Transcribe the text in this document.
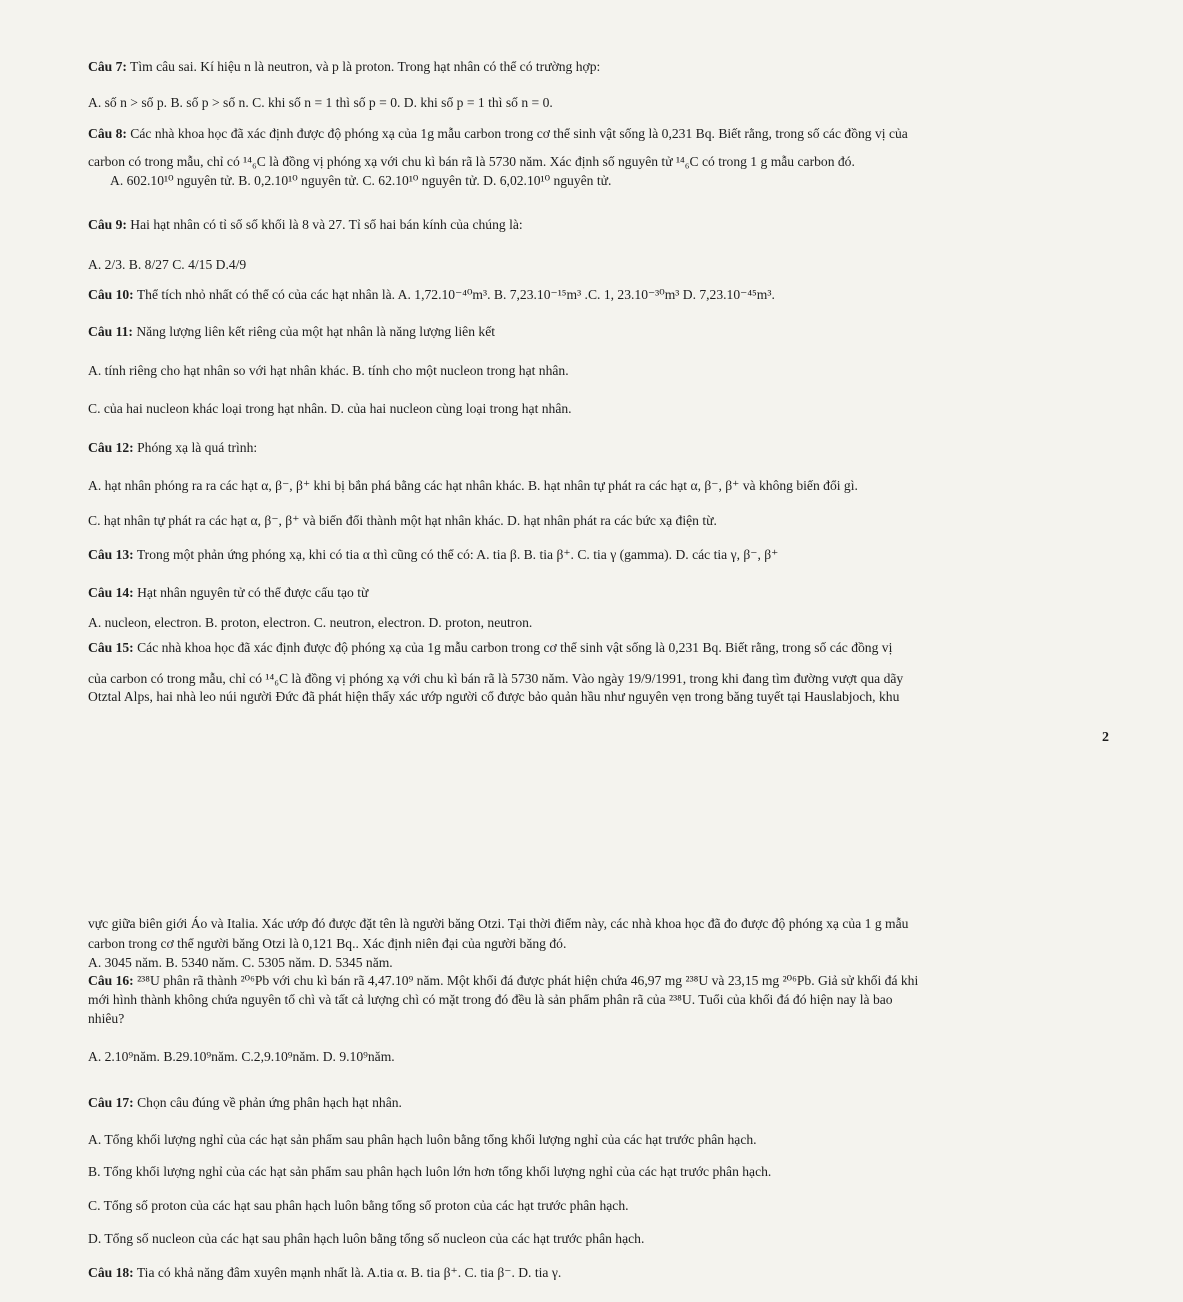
Câu 7: Tìm câu sai. Kí hiệu n là neutron, và p là proton. Trong hạt nhân có thể có trường hợp:
A. số n > số p. B. số p > số n. C. khi số n = 1 thì số p = 0. D. khi số p = 1 thì số n = 0.
Câu 8: Các nhà khoa học đã xác định được độ phóng xạ của 1g mẫu carbon trong cơ thể sinh vật sống là 0,231 Bq. Biết rằng, trong số các đồng vị của
carbon có trong mẫu, chỉ có ¹⁴₆C là đồng vị phóng xạ với chu kì bán rã là 5730 năm. Xác định số nguyên tử ¹⁴₆C có trong 1 g mẫu carbon đó.
A. 602.10¹⁰ nguyên tử. B. 0,2.10¹⁰ nguyên tử. C. 62.10¹⁰ nguyên tử. D. 6,02.10¹⁰ nguyên tử.
Câu 9: Hai hạt nhân có tỉ số số khối là 8 và 27. Tỉ số hai bán kính của chúng là:
A. 2/3. B. 8/27 C. 4/15 D.4/9
Câu 10: Thể tích nhỏ nhất có thể có của các hạt nhân là. A. 1,72.10⁻⁴⁰m³. B. 7,23.10⁻¹⁵m³ .C. 1, 23.10⁻³⁰m³ D. 7,23.10⁻⁴⁵m³.
Câu 11: Năng lượng liên kết riêng của một hạt nhân là năng lượng liên kết
A. tính riêng cho hạt nhân so với hạt nhân khác. B. tính cho một nucleon trong hạt nhân.
C. của hai nucleon khác loại trong hạt nhân. D. của hai nucleon cùng loại trong hạt nhân.
Câu 12: Phóng xạ là quá trình:
A. hạt nhân phóng ra ra các hạt α, β⁻, β⁺ khi bị bắn phá bằng các hạt nhân khác. B. hạt nhân tự phát ra các hạt α, β⁻, β⁺ và không biến đổi gì.
C. hạt nhân tự phát ra các hạt α, β⁻, β⁺ và biến đổi thành một hạt nhân khác. D. hạt nhân phát ra các bức xạ điện từ.
Câu 13: Trong một phản ứng phóng xạ, khi có tia α thì cũng có thể có: A. tia β. B. tia β⁺. C. tia γ (gamma). D. các tia γ, β⁻, β⁺
Câu 14: Hạt nhân nguyên tử có thể được cấu tạo từ
A. nucleon, electron. B. proton, electron. C. neutron, electron. D. proton, neutron.
Câu 15: Các nhà khoa học đã xác định được độ phóng xạ của 1g mẫu carbon trong cơ thể sinh vật sống là 0,231 Bq. Biết rằng, trong số các đồng vị
của carbon có trong mẫu, chỉ có ¹⁴₆C là đồng vị phóng xạ với chu kì bán rã là 5730 năm. Vào ngày 19/9/1991, trong khi đang tìm đường vượt qua dãy
Otztal Alps, hai nhà leo núi người Đức đã phát hiện thấy xác ướp người cổ được bảo quản hầu như nguyên vẹn trong băng tuyết tại Hauslabjoch, khu
2
vực giữa biên giới Áo và Italia. Xác ướp đó được đặt tên là người băng Otzi. Tại thời điểm này, các nhà khoa học đã đo được độ phóng xạ của 1 g mẫu
carbon trong cơ thể người băng Otzi là 0,121 Bq.. Xác định niên đại của người băng đó.
A. 3045 năm. B. 5340 năm. C. 5305 năm. D. 5345 năm.
Câu 16: ²³⁸U phân rã thành ²⁰⁶Pb với chu kì bán rã 4,47.10⁹ năm. Một khối đá được phát hiện chứa 46,97 mg ²³⁸U và 23,15 mg ²⁰⁶Pb. Giả sử khối đá khi
mới hình thành không chứa nguyên tố chì và tất cả lượng chì có mặt trong đó đều là sản phẩm phân rã của ²³⁸U. Tuổi của khối đá đó hiện nay là bao
nhiêu?
A. 2.10⁹năm. B.29.10⁹năm. C.2,9.10⁹năm. D. 9.10⁹năm.
Câu 17: Chọn câu đúng về phản ứng phân hạch hạt nhân.
A. Tổng khối lượng nghỉ của các hạt sản phẩm sau phân hạch luôn bằng tổng khối lượng nghỉ của các hạt trước phân hạch.
B. Tổng khối lượng nghỉ của các hạt sản phẩm sau phân hạch luôn lớn hơn tổng khối lượng nghỉ của các hạt trước phân hạch.
C. Tổng số proton của các hạt sau phân hạch luôn bằng tổng số proton của các hạt trước phân hạch.
D. Tổng số nucleon của các hạt sau phân hạch luôn bằng tổng số nucleon của các hạt trước phân hạch.
Câu 18: Tia có khả năng đâm xuyên mạnh nhất là. A.tia α. B. tia β⁺. C. tia β⁻. D. tia γ.
